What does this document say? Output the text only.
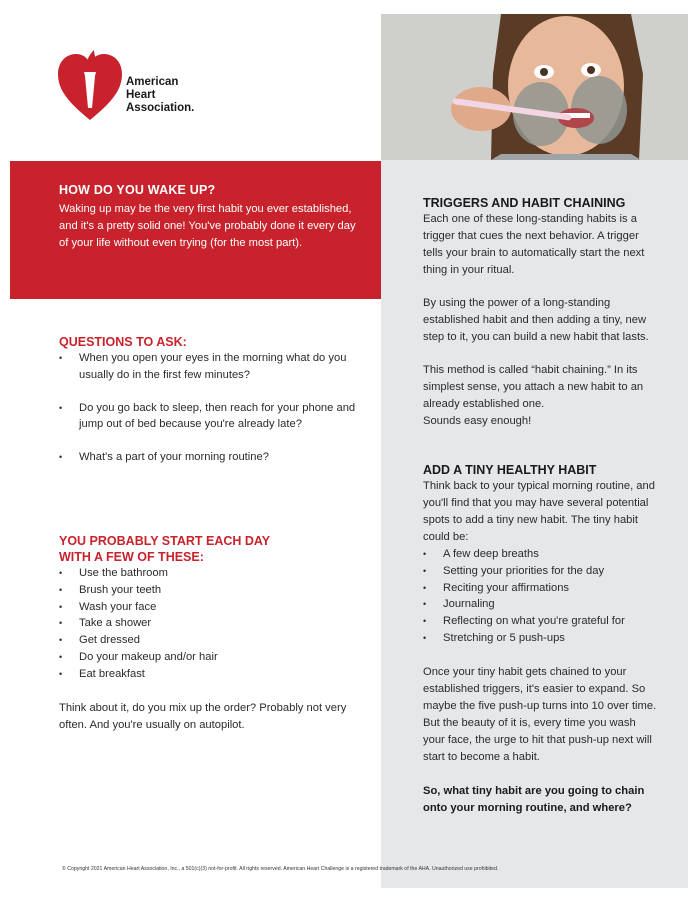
American
Heart
Association.
HOW DO YOU WAKE UP?

Waking up may be the very first habit you ever established, and it's a pretty solid one! You've probably done it every day of your life without even trying (for the most part).

QUESTIONS TO ASK:
• When you open your eyes in the morning what do you usually do in the first few minutes?
• Do you go back to sleep, then reach for your phone and jump out of bed because you're already late?
• What's a part of your morning routine?
YOU PROBABLY START EACH DAY
WITH A FEW OF THESE:
• Use the bathroom
• Brush your teeth
• Wash your face
• Take a shower
• Get dressed
• Do your makeup and/or hair
• Eat breakfast

Think about it, do you mix up the order? Probably not very often. And you're usually on autopilot.

TRIGGERS AND HABIT CHAINING

Each one of these long-standing habits is a trigger that cues the next behavior. A trigger tells your brain to automatically start the next thing in your ritual.

By using the power of a long-standing established habit and then adding a tiny, new step to it, you can build a new habit that lasts.

This method is called “habit chaining.” In its simplest sense, you attach a new habit to an already established one.

Sounds easy enough!

ADD A TINY HEALTHY HABIT

Think back to your typical morning routine, and you'll find that you may have several potential spots to add a tiny new habit. The tiny habit could be:

• A few deep breaths
• Setting your priorities for the day
• Reciting your affirmations
• Journaling
• Reflecting on what you're grateful for
• Stretching or 5 push-ups

Once your tiny habit gets chained to your established triggers, it's easier to expand. So maybe the five push-up turns into 10 over time. But the beauty of it is, every time you wash your face, the urge to hit that push-up next will start to become a habit.

So, what tiny habit are you going to chain onto your morning routine, and where?

© Copyright 2021 American Heart Association, Inc., a 501(c)(3) not-for-profit. All rights reserved. American Heart Challenge is a registered trademark of the AHA. Unauthorized use prohibited.
